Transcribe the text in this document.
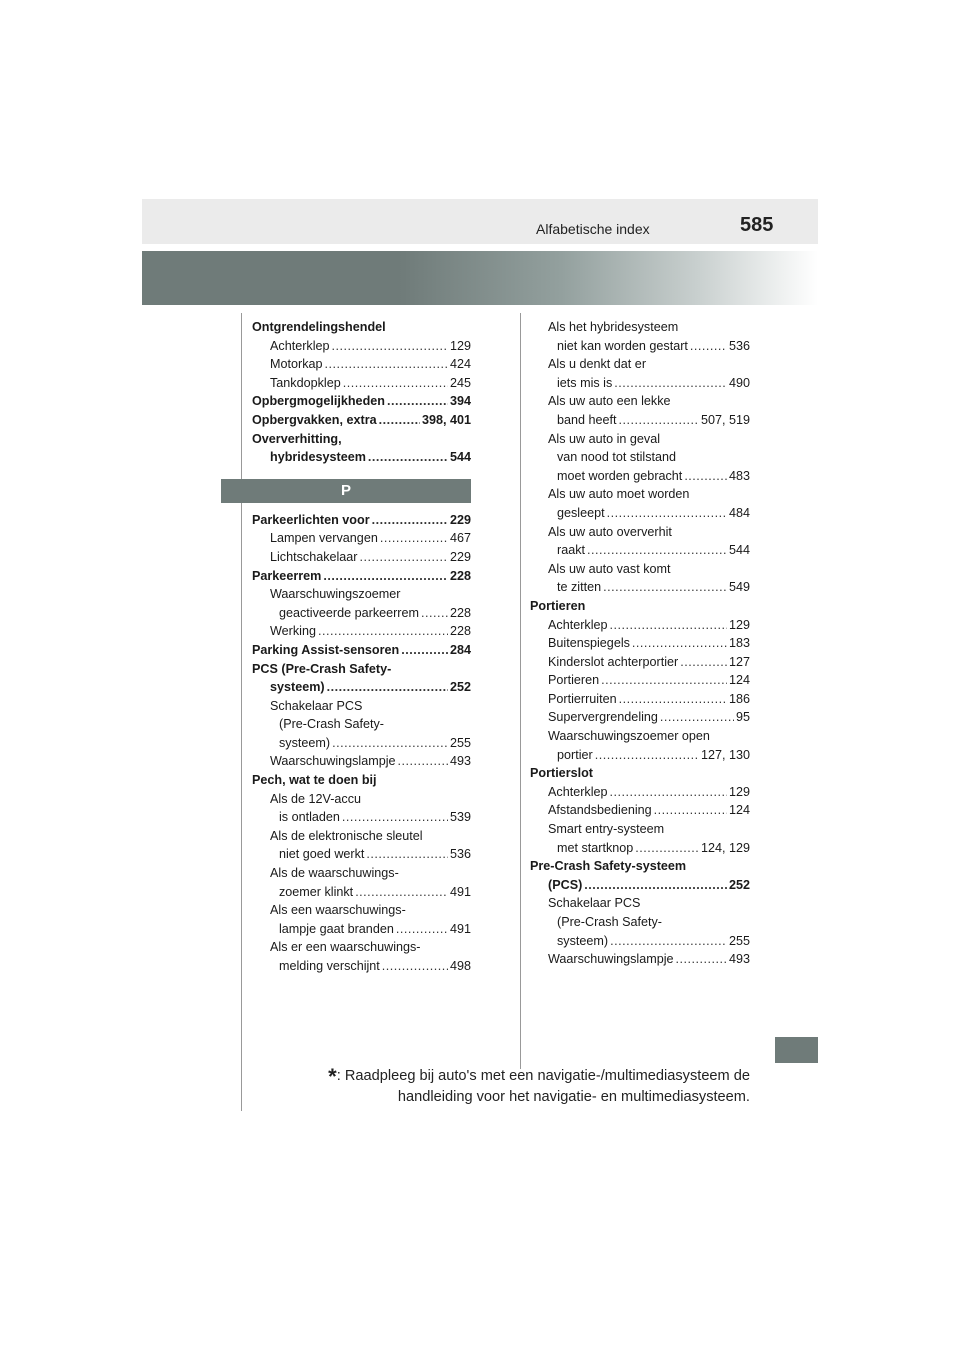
Alfabetische index	585
Ontgrendelingshendel
Achterklep .....	129
Motorkap .....	424
Tankdopklep .....	245
Opbergmogelijkheden .....	394
Opbergvakken, extra .....	398, 401
Oververhitting,
hybridesysteem .....	544
P
Parkeerlichten voor .....	229
Lampen vervangen .....	467
Lichtschakelaar .....	229
Parkeerrem .....	228
Waarschuwingszoemer
geactiveerde parkeerrem ..... 228
Werking .....	228
Parking Assist-sensoren .....	284
PCS (Pre-Crash Safety-
systeem) .....	252
Schakelaar PCS
(Pre-Crash Safety-
systeem) .....	255
Waarschuwingslampje .....	493
Pech, wat te doen bij
Als de 12V-accu
is ontladen .....	539
Als de elektronische sleutel
niet goed werkt .....	536
Als de waarschuwings-
zoemer klinkt .....	491
Als een waarschuwings-
lampje gaat branden .....	491
Als er een waarschuwings-
melding verschijnt .....	498
Als het hybridesysteem
niet kan worden gestart .....	536
Als u denkt dat er
iets mis is .....	490
Als uw auto een lekke
band heeft .....	507, 519
Als uw auto in geval
van nood tot stilstand
moet worden gebracht .....	483
Als uw auto moet worden
gesleept .....	484
Als uw auto oververhit
raakt .....	544
Als uw auto vast komt
te zitten .....	549
Portieren
Achterklep .....	129
Buitenspiegels .....	183
Kinderslot achterportier .....	127
Portieren .....	124
Portierruiten .....	186
Supervergrendeling .....	95
Waarschuwingszoemer open
portier .....	127, 130
Portierslot
Achterklep .....	129
Afstandsbediening .....	124
Smart entry-systeem
met startknop .....	124, 129
Pre-Crash Safety-systeem
(PCS) .....	252
Schakelaar PCS
(Pre-Crash Safety-
systeem) .....	255
Waarschuwingslampje .....	493
*: Raadpleeg bij auto's met een navigatie-/multimediasysteem de
handleiding voor het navigatie- en multimediasysteem.
